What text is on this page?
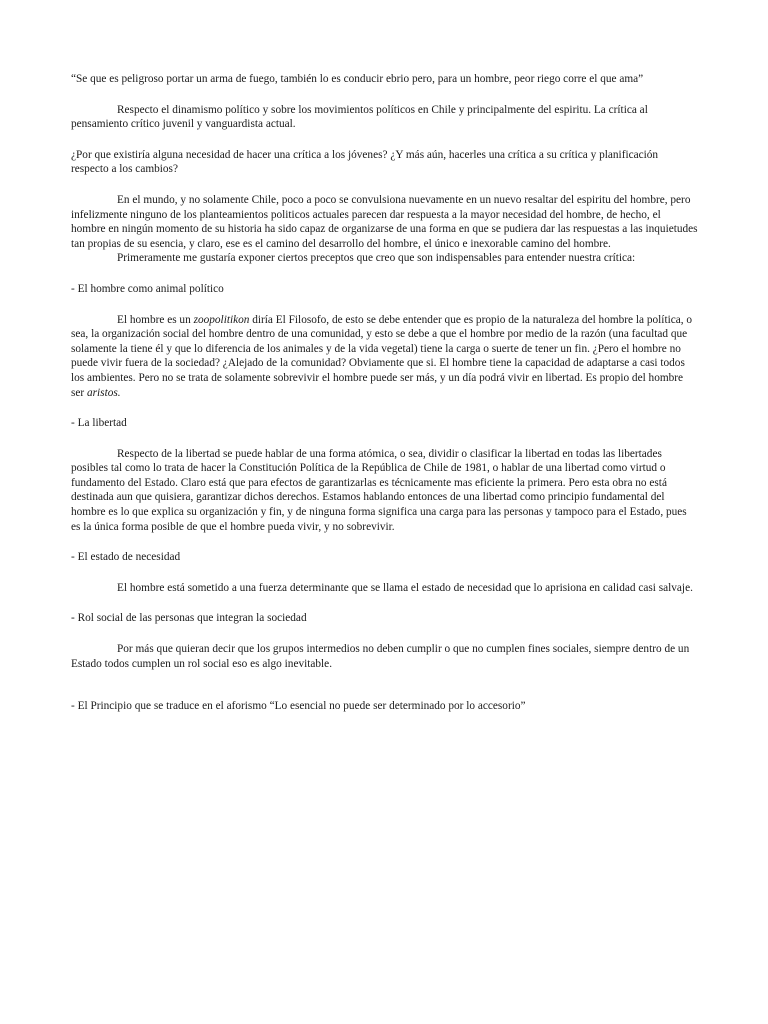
“Se que es peligroso portar un arma de fuego, también lo es conducir ebrio pero, para un hombre, peor riego corre el que ama”

Respecto el dinamismo político y sobre los movimientos políticos en Chile y principalmente del espiritu. La crítica al pensamiento crítico juvenil y vanguardista actual.

¿Por que existiría alguna necesidad de hacer una crítica a los jóvenes? ¿Y más aún, hacerles una crítica a su crítica y planificación respecto a los cambios?

En el mundo, y no solamente Chile, poco a poco se convulsiona nuevamente en un nuevo resaltar del espiritu del hombre, pero infelizmente ninguno de los planteamientos politicos actuales parecen dar respuesta a la mayor necesidad del hombre, de hecho, el hombre en ningún momento de su historia ha sido capaz de organizarse de una forma en que se pudiera dar las respuestas a las inquietudes tan propias de su esencia, y claro, ese es el camino del desarrollo del hombre, el único e inexorable camino del hombre.

Primeramente me gustaría exponer ciertos preceptos que creo que son indispensables para entender nuestra crítica:

- El hombre como animal político

El hombre es un zoopolitikon diría El Filosofo, de esto se debe entender que es propio de la naturaleza del hombre la política, o sea, la organización social del hombre dentro de una comunidad, y esto se debe a que el hombre por medio de la razón (una facultad que solamente la tiene él y que lo diferencia de los animales y de la vida vegetal) tiene la carga o suerte de tener un fin. ¿Pero el hombre no puede vivir fuera de la sociedad? ¿Alejado de la comunidad? Obviamente que si. El hombre tiene la capacidad de adaptarse a casi todos los ambientes. Pero no se trata de solamente sobrevivir el hombre puede ser más, y un día podrá vivir en libertad. Es propio del hombre ser aristos.

- La libertad

Respecto de la libertad se puede hablar de una forma atómica, o sea, dividir o clasificar la libertad en todas las libertades posibles tal como lo trata de hacer la Constitución Política de la República de Chile de 1981, o hablar de una libertad como virtud o fundamento del Estado. Claro está que para efectos de garantizarlas es técnicamente mas eficiente la primera. Pero esta obra no está destinada aun que quisiera, garantizar dichos derechos. Estamos hablando entonces de una libertad como principio fundamental del hombre es lo que explica su organización y fin, y de ninguna forma significa una carga para las personas y tampoco para el Estado, pues es la única forma posible de que el hombre pueda vivir, y no sobrevivir.

- El estado de necesidad

El hombre está sometido a una fuerza determinante que se llama el estado de necesidad que lo aprisiona en calidad casi salvaje.

- Rol social de las personas que integran la sociedad

Por más que quieran decir que los grupos intermedios no deben cumplir o que no cumplen fines sociales, siempre dentro de un Estado todos cumplen un rol social eso es algo inevitable.

- El Principio que se traduce en el aforismo “Lo esencial no puede ser determinado por lo accesorio”
